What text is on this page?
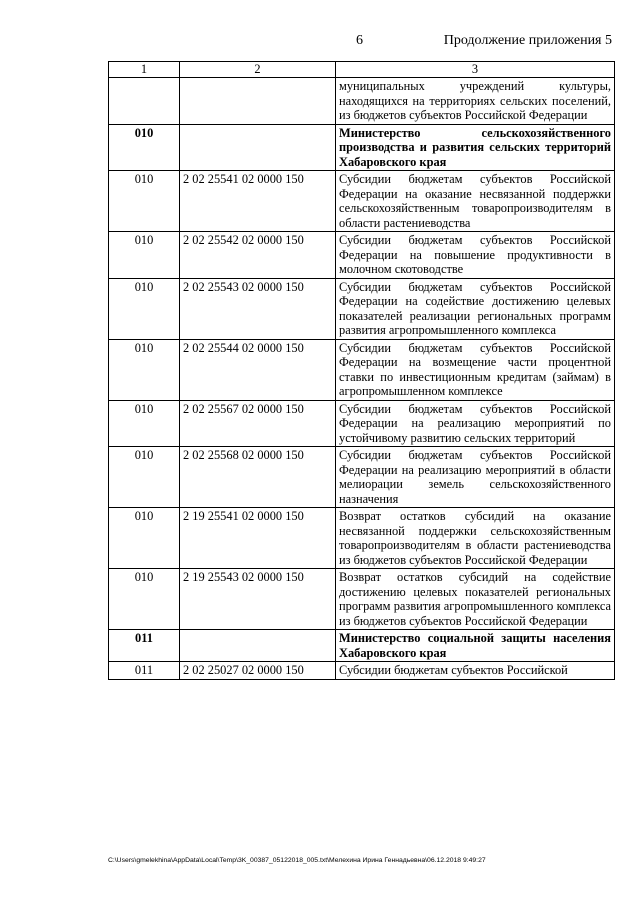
6	Продолжение приложения 5
1	2	3
		муниципальных учреждений культуры, находящихся на территориях сельских поселений, из бюджетов субъектов Российской Федерации
010		Министерство сельскохозяйственного производства и развития сельских территорий Хабаровского края
010	2 02 25541 02 0000 150	Субсидии бюджетам субъектов Российской Федерации на оказание несвязанной поддержки сельскохозяйственным товаропроизводителям в области растениеводства
010	2 02 25542 02 0000 150	Субсидии бюджетам субъектов Российской Федерации на повышение продуктивности в молочном скотоводстве
010	2 02 25543 02 0000 150	Субсидии бюджетам субъектов Российской Федерации на содействие достижению целевых показателей реализации региональных программ развития агропромышленного комплекса
010	2 02 25544 02 0000 150	Субсидии бюджетам субъектов Российской Федерации на возмещение части процентной ставки по инвестиционным кредитам (займам) в агропромышленном комплексе
010	2 02 25567 02 0000 150	Субсидии бюджетам субъектов Российской Федерации на реализацию мероприятий по устойчивому развитию сельских территорий
010	2 02 25568 02 0000 150	Субсидии бюджетам субъектов Российской Федерации на реализацию мероприятий в области мелиорации земель сельскохозяйственного назначения
010	2 19 25541 02 0000 150	Возврат остатков субсидий на оказание несвязанной поддержки сельскохозяйственным товаропроизводителям в области растениеводства из бюджетов субъектов Российской Федерации
010	2 19 25543 02 0000 150	Возврат остатков субсидий на содействие достижению целевых показателей региональных программ развития агропромышленного комплекса из бюджетов субъектов Российской Федерации
011		Министерство социальной защиты населения Хабаровского края
011	2 02 25027 02 0000 150	Субсидии бюджетам субъектов Российской
C:\Users\gmelekhina\AppData\Local\Temp\3K_00387_05122018_005.txt\Мелехина Ирина Геннадьевна\06.12.2018 9:49:27
